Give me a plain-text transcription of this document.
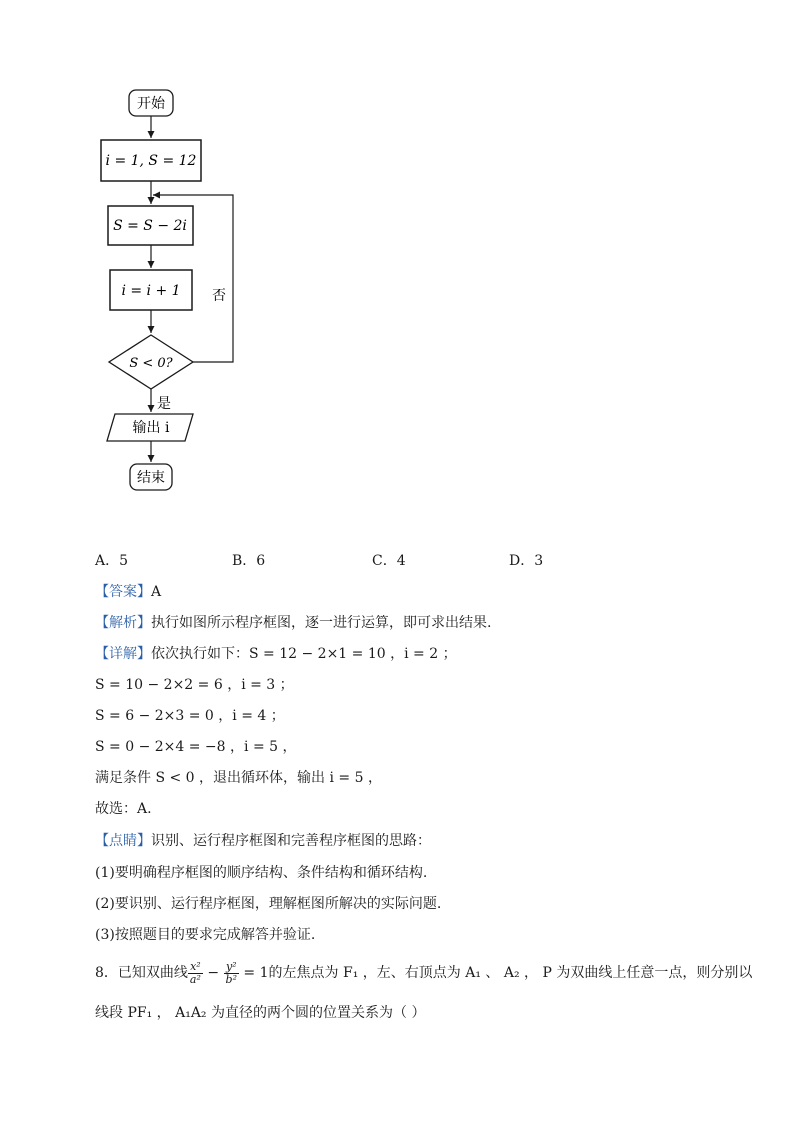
开始
i = 1, S = 12
S = S − 2i
i = i + 1
S < 0?
否
是
输出 i
结束
A．5	B．6	C．4	D．3
【答案】A
【解析】执行如图所示程序框图，逐一进行运算，即可求出结果.
【详解】依次执行如下：S = 12 − 2×1 = 10 ，i = 2 ；
S = 10 − 2×2 = 6 ，i = 3 ；
S = 6 − 2×3 = 0 ，i = 4 ；
S = 0 − 2×4 = −8 ，i = 5 ，
满足条件 S < 0 ，退出循环体，输出 i = 5 ，
故选：A.
【点睛】识别、运行程序框图和完善程序框图的思路：
(1)要明确程序框图的顺序结构、条件结构和循环结构.
(2)要识别、运行程序框图，理解框图所解决的实际问题.
(3)按照题目的要求完成解答并验证.
8．已知双曲线 $\frac{\text{x²}}{\text{a²}} - \frac{\text{y²}}{\text{b²}} = 1$的左焦点为 F₁ ，左、右顶点为 A₁ 、 A₂ ， P 为双曲线上任意一点，则分别以
线段 PF₁ ， A₁A₂ 为直径的两个圆的位置关系为（ ）
